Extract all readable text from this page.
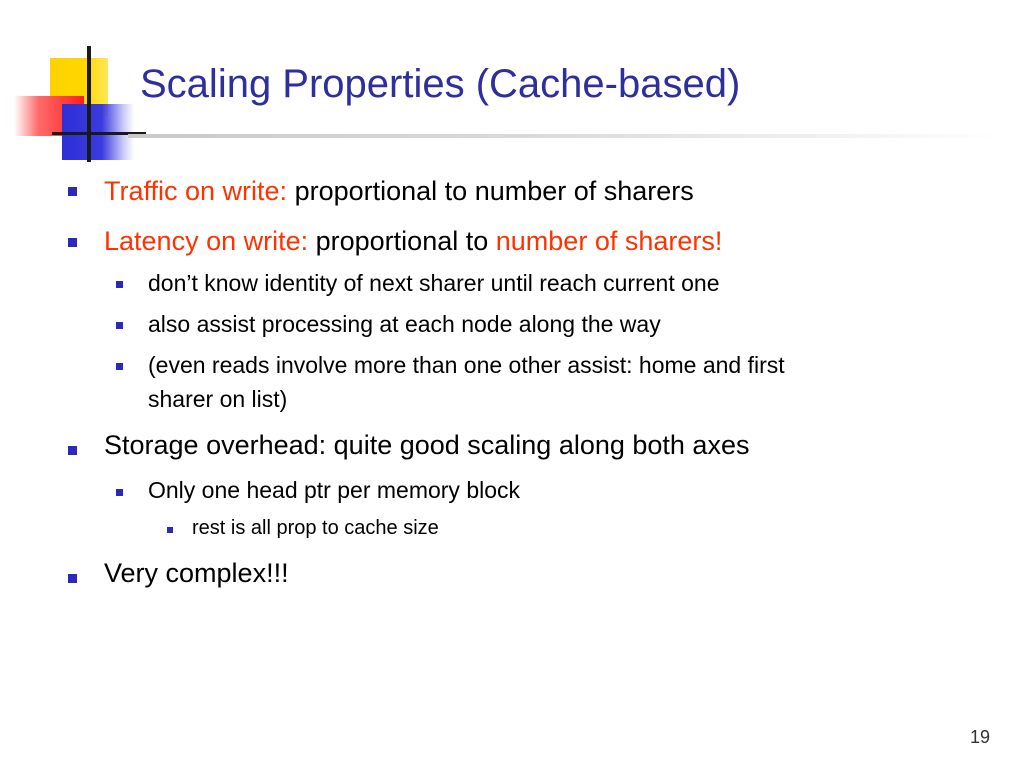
Scaling Properties (Cache-based)
Traffic on write: proportional to number of sharers
Latency on write: proportional to number of sharers!
don’t know identity of next sharer until reach current one
also assist processing at each node along the way
(even reads involve more than one other assist: home and first
sharer on list)
Storage overhead: quite good scaling along both axes
Only one head ptr per memory block
rest is all prop to cache size
Very complex!!!
19
